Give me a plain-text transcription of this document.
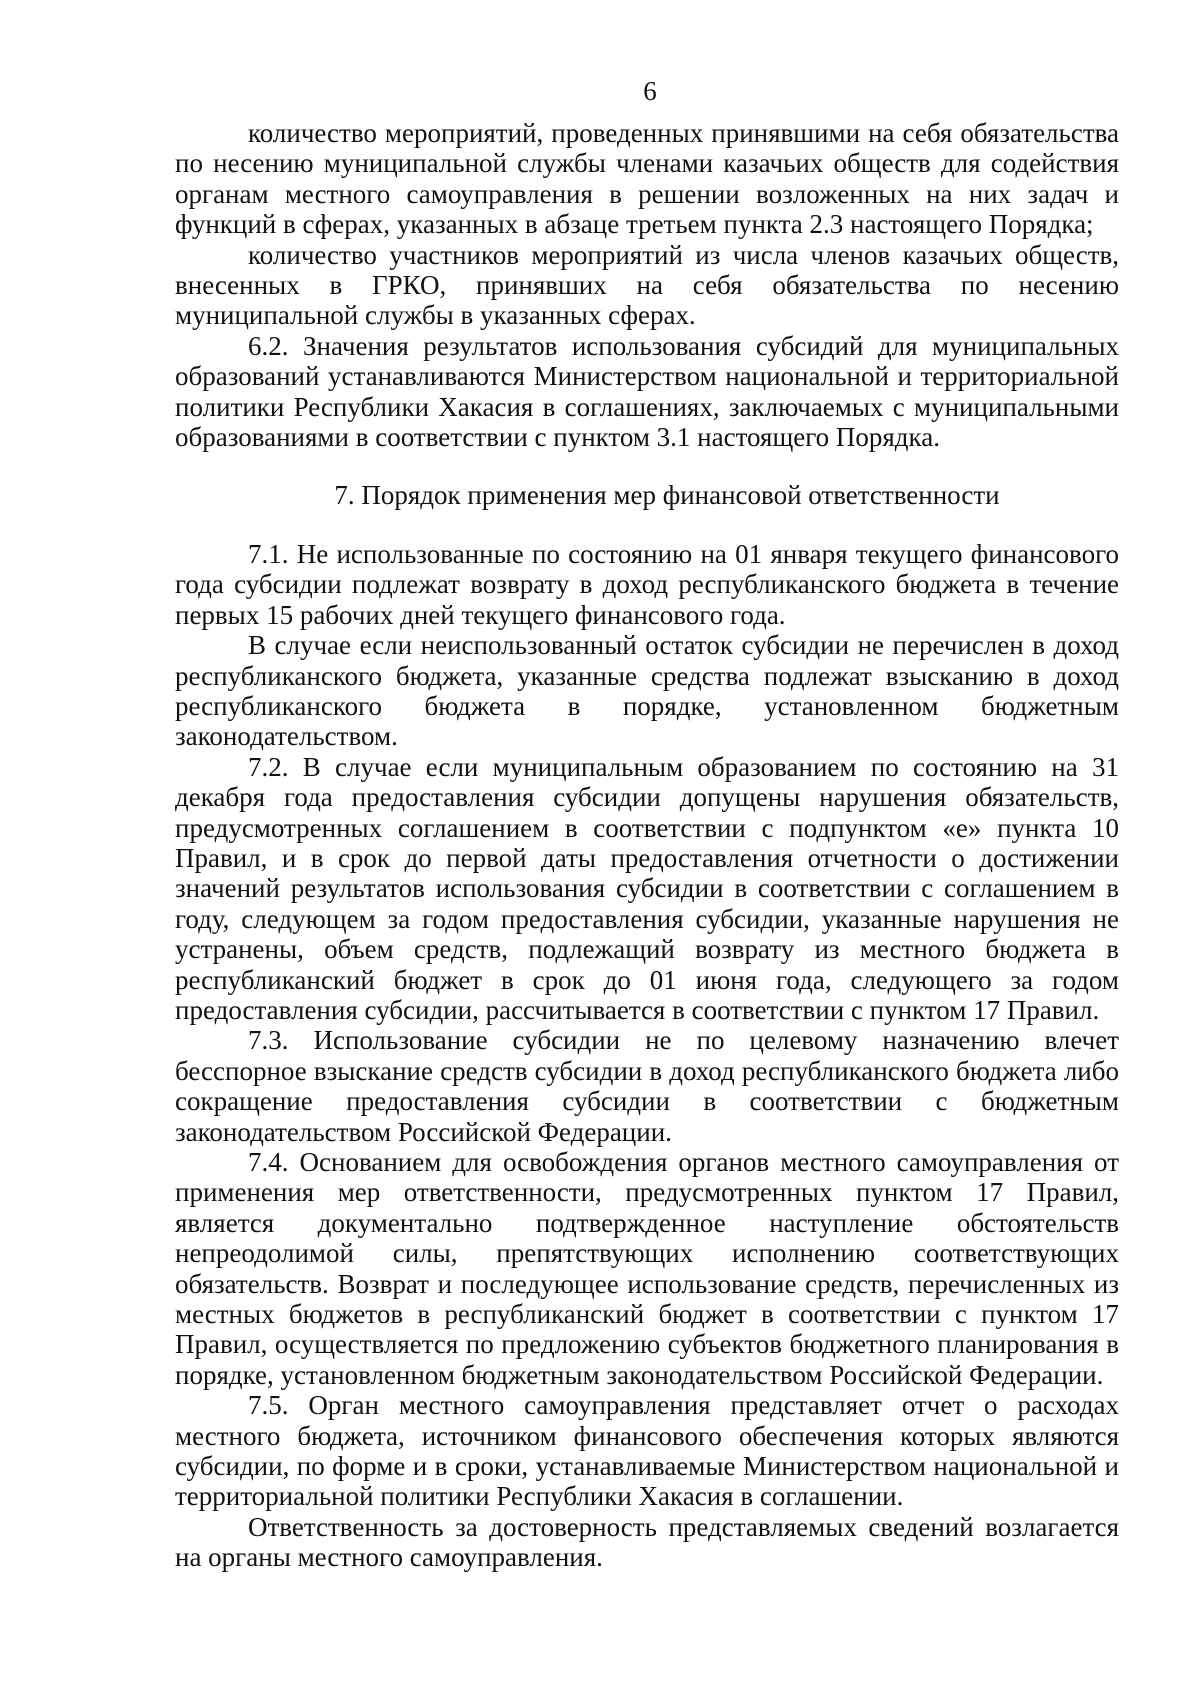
6

количество мероприятий, проведенных принявшими на себя обязательства по несению муниципальной службы членами казачьих обществ для содействия органам местного самоуправления в решении возложенных на них задач и функций в сферах, указанных в абзаце третьем пункта 2.3 настоящего Порядка;

количество участников мероприятий из числа членов казачьих обществ, внесенных в ГРКО, принявших на себя обязательства по несению муниципальной службы в указанных сферах.

6.2. Значения результатов использования субсидий для муниципальных образований устанавливаются Министерством национальной и территориальной политики Республики Хакасия в соглашениях, заключаемых с муниципальными образованиями в соответствии с пунктом 3.1 настоящего Порядка.

7. Порядок применения мер финансовой ответственности

7.1. Не использованные по состоянию на 01 января текущего финансового года субсидии подлежат возврату в доход республиканского бюджета в течение первых 15 рабочих дней текущего финансового года.

В случае если неиспользованный остаток субсидии не перечислен в доход республиканского бюджета, указанные средства подлежат взысканию в доход республиканского бюджета в порядке, установленном бюджетным законодательством.

7.2. В случае если муниципальным образованием по состоянию на 31 декабря года предоставления субсидии допущены нарушения обязательств, предусмотренных соглашением в соответствии с подпунктом «е» пункта 10 Правил, и в срок до первой даты предоставления отчетности о достижении значений результатов использования субсидии в соответствии с соглашением в году, следующем за годом предоставления субсидии, указанные нарушения не устранены, объем средств, подлежащий возврату из местного бюджета в республиканский бюджет в срок до 01 июня года, следующего за годом предоставления субсидии, рассчитывается в соответствии с пунктом 17 Правил.

7.3. Использование субсидии не по целевому назначению влечет бесспорное взыскание средств субсидии в доход республиканского бюджета либо сокращение предоставления субсидии в соответствии с бюджетным законодательством Российской Федерации.

7.4. Основанием для освобождения органов местного самоуправления от применения мер ответственности, предусмотренных пунктом 17 Правил, является документально подтвержденное наступление обстоятельств непреодолимой силы, препятствующих исполнению соответствующих обязательств. Возврат и последующее использование средств, перечисленных из местных бюджетов в республиканский бюджет в соответствии с пунктом 17 Правил, осуществляется по предложению субъектов бюджетного планирования в порядке, установленном бюджетным законодательством Российской Федерации.

7.5. Орган местного самоуправления представляет отчет о расходах местного бюджета, источником финансового обеспечения которых являются субсидии, по форме и в сроки, устанавливаемые Министерством национальной и территориальной политики Республики Хакасия в соглашении.

Ответственность за достоверность представляемых сведений возлагается на органы местного самоуправления.
